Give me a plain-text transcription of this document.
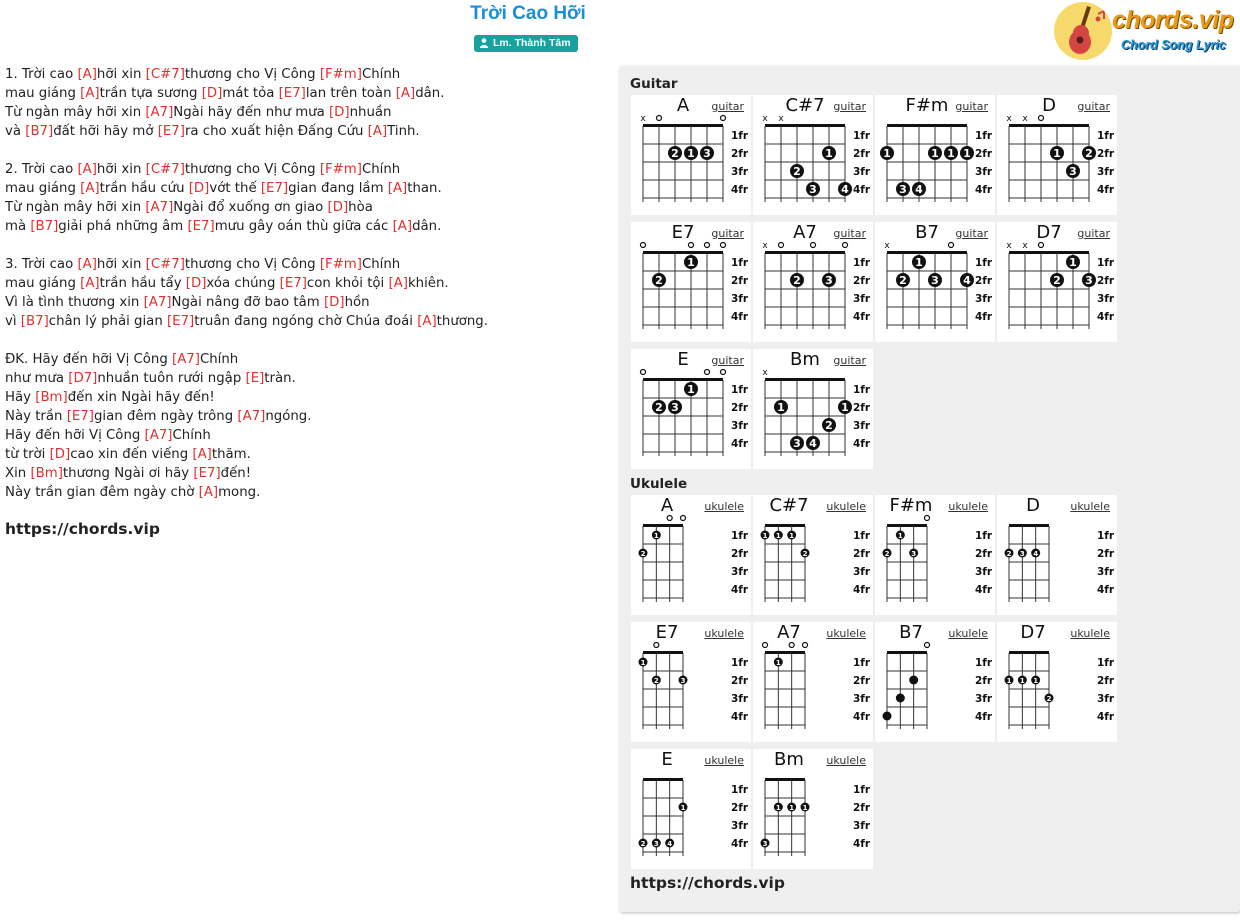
Trời Cao Hỡi
Lm. Thành Tâm
chords.vip
Chord Song Lyric
1. Trời cao [A]hỡi xin [C#7]thương cho Vị Công [F#m]Chính
mau giáng [A]trần tựa sương [D]mát tỏa [E7]lan trên toàn [A]dân.
Từ ngàn mây hỡi xin [A7]Ngài hãy đến như mưa [D]nhuần
và [B7]đất hỡi hãy mở [E7]ra cho xuất hiện Đấng Cứu [A]Tinh.
2. Trời cao [A]hỡi xin [C#7]thương cho Vị Công [F#m]Chính
mau giáng [A]trần hầu cứu [D]vớt thế [E7]gian đang lầm [A]than.
Từ ngàn mây hỡi xin [A7]Ngài đổ xuống ơn giao [D]hòa
mà [B7]giải phá những âm [E7]mưu gây oán thù giữa các [A]dân.
3. Trời cao [A]hỡi xin [C#7]thương cho Vị Công [F#m]Chính
mau giáng [A]trần hầu tẩy [D]xóa chúng [E7]con khỏi tội [A]khiên.
Vì là tình thương xin [A7]Ngài nâng đỡ bao tâm [D]hồn
vì [B7]chân lý phải gian [E7]truân đang ngóng chờ Chúa đoái [A]thương.
ĐK. Hãy đến hỡi Vị Công [A7]Chính
như mưa [D7]nhuần tuôn rưới ngập [E]tràn.
Hãy [Bm]đến xin Ngài hãy đến!
Này trần [E7]gian đêm ngày trông [A7]ngóng.
Hãy đến hỡi Vị Công [A7]Chính
từ trời [D]cao xin đến viếng [A]thăm.
Xin [Bm]thương Ngài ơi hãy [E7]đến!
Này trần gian đêm ngày chờ [A]mong.
https://chords.vip
Guitar
Ukulele
x
2 1 3
1fr
2fr
3fr
4fr
A	guitar
x x
2
3
1
4
1fr
2fr
3fr
4fr
C#7 guitar
1
3 4
1 1 1
1fr
2fr
3fr
4fr
F#m guitar
x x
1
3
2
1fr
2fr
3fr
4fr
D	guitar
2
1	1fr
2fr
3fr
4fr
E7	guitar
x
2 3
1fr
2fr
3fr
4fr
A7	guitar
x
2
1
3 4
1fr
2fr
3fr
4fr
B7	guitar
x x
2
1
3
1fr
2fr
3fr
4fr
D7	guitar
2 3
1	1fr
2fr
3fr
4fr
E	guitar
x
1
3 4
2
1
1fr
2fr
3fr
4fr
Bm	guitar
2
1	1fr
2fr
3fr
4fr
A	ukulele
1 1 1
2
1fr
2fr
3fr
4fr
C#7	ukulele
2
1
3
1fr
2fr
3fr
4fr
F#m	ukulele
2 3 4
1fr
2fr
3fr
4fr
D	ukulele
1
2	3
1fr
2fr
3fr
4fr
E7	ukulele
1	1fr
2fr
3fr
4fr
A7	ukulele
1fr
2fr
3fr
4fr
B7	ukulele
1 1 1
2
1fr
2fr
3fr
4fr
D7	ukulele
2 3 4
1
1fr
2fr
3fr
4fr
E	ukulele
3
1 1 1
1fr
2fr
3fr
4fr
Bm	ukulele
https://chords.vip
